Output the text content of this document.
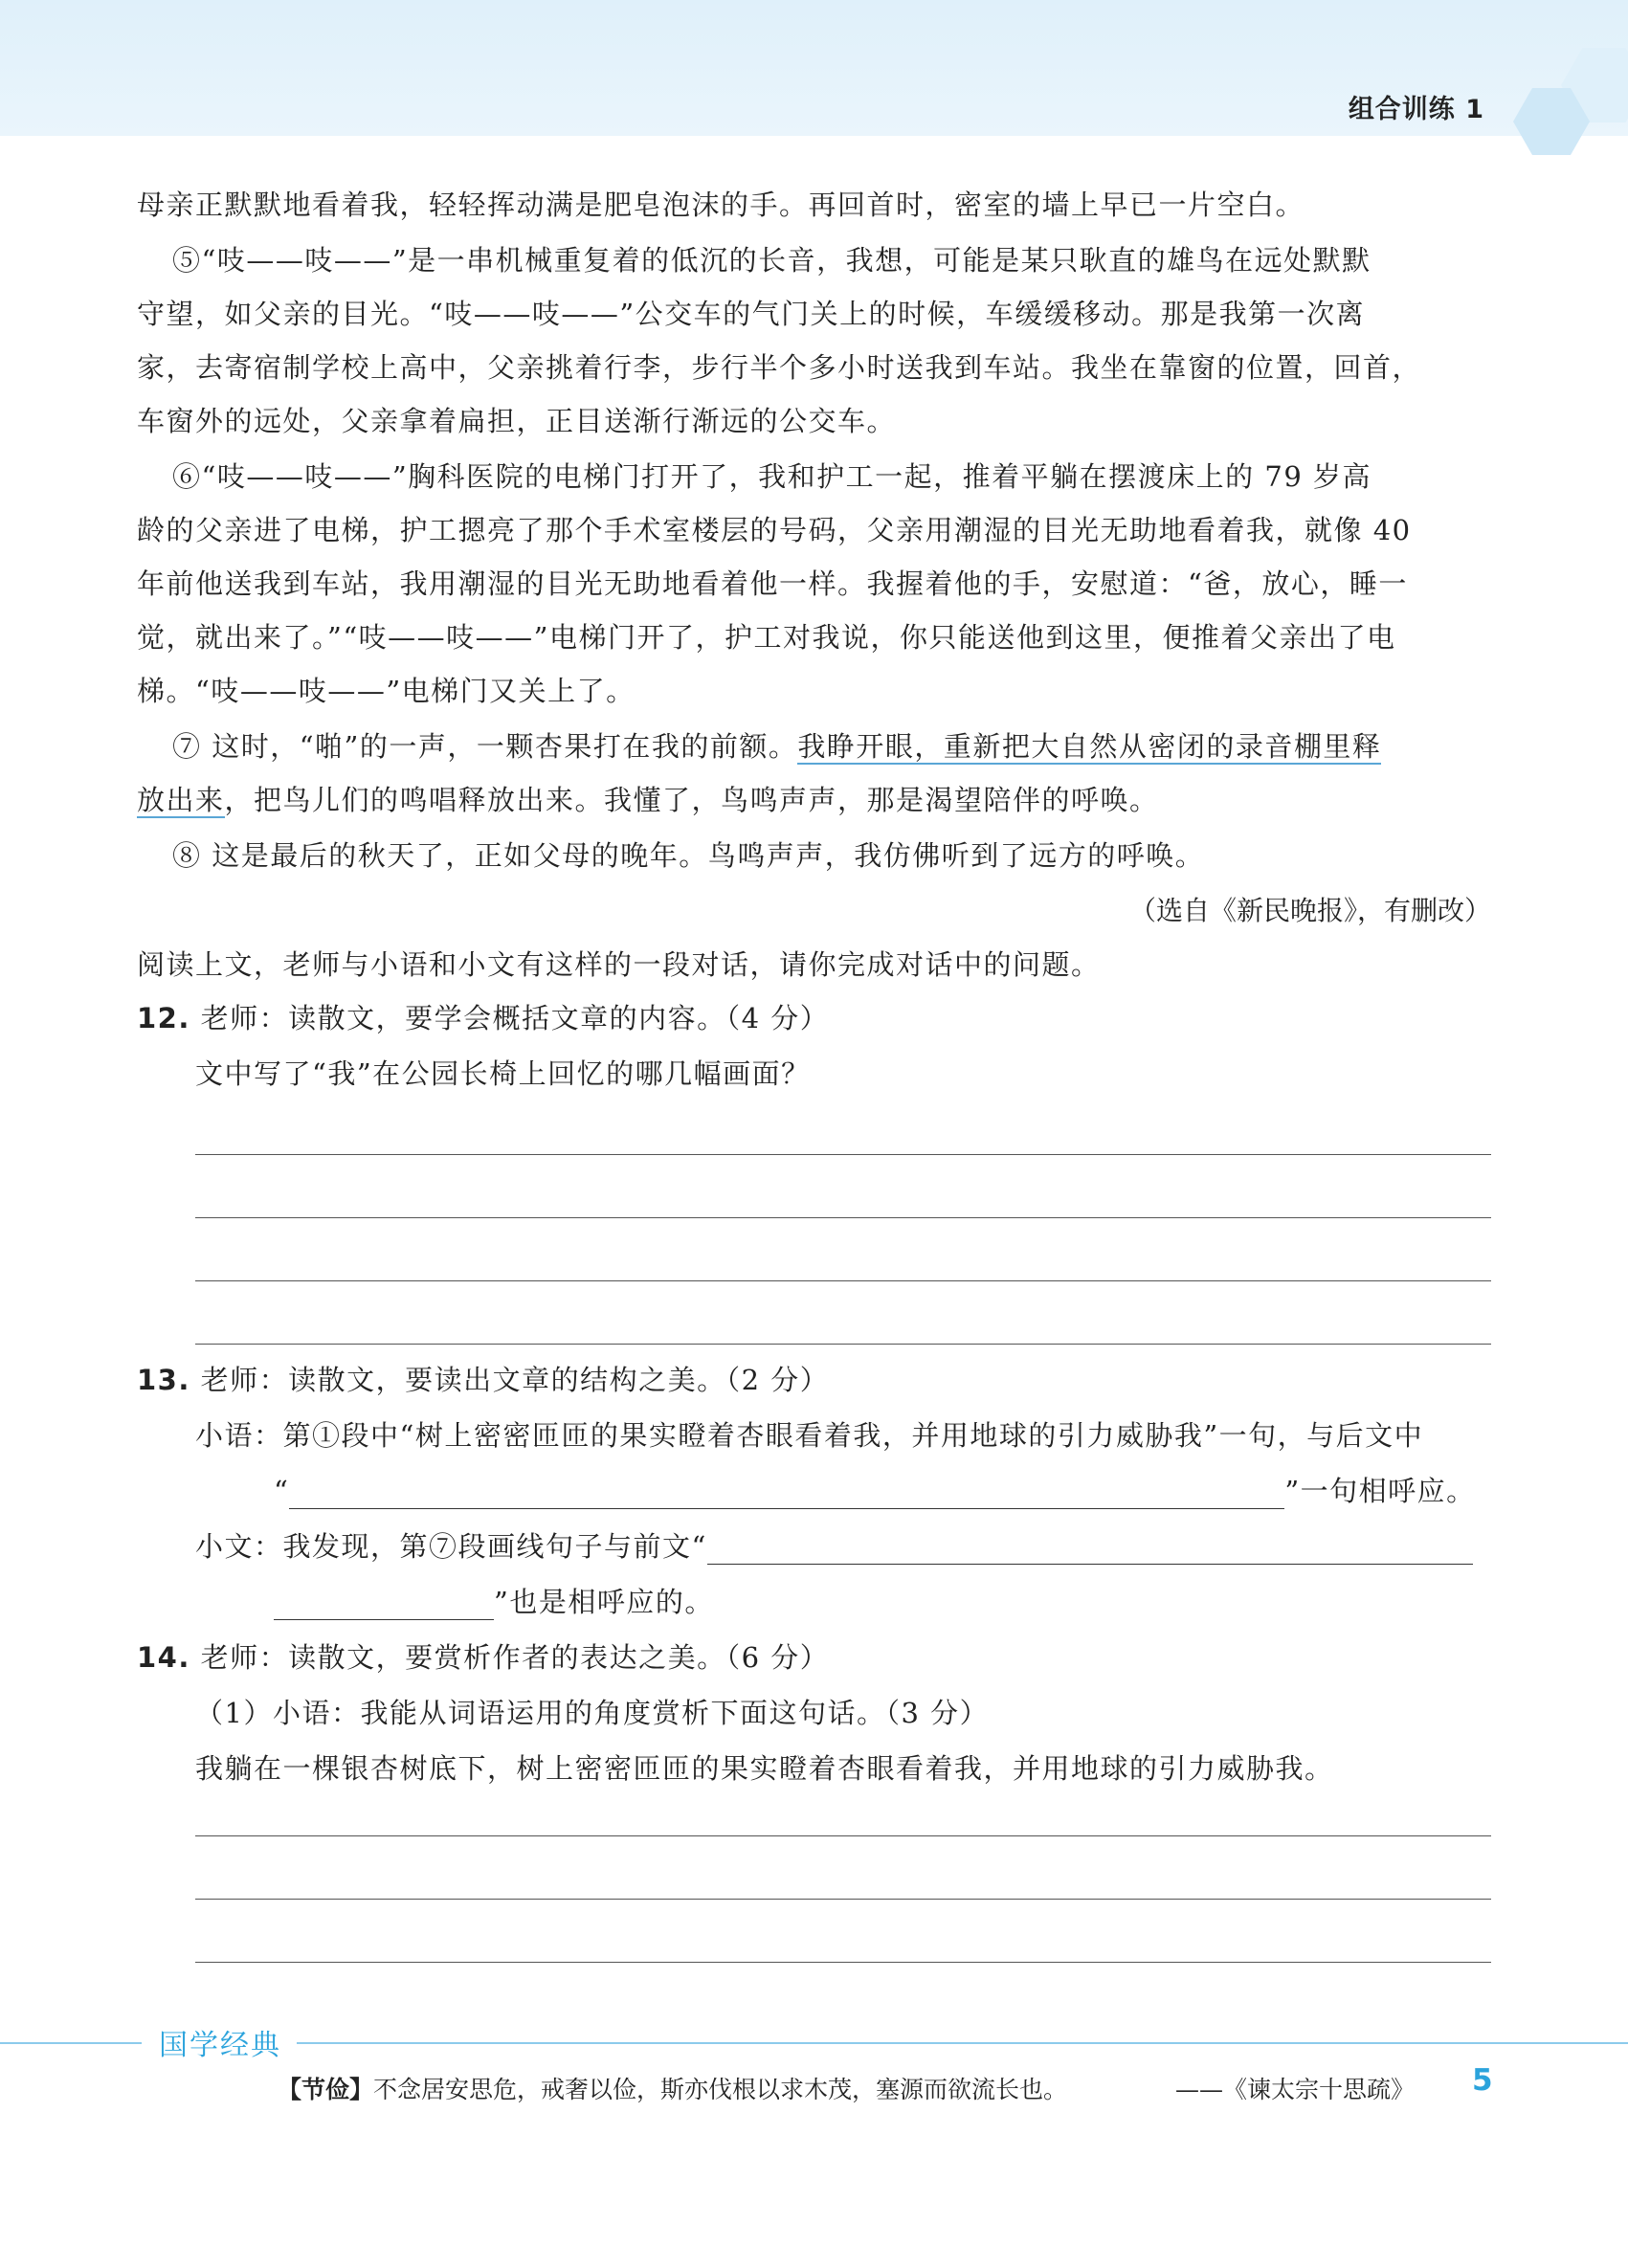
组合训练 1
母亲正默默地看着我，轻轻挥动满是肥皂泡沫的手。再回首时，密室的墙上早已一片空白。
⑤“吱——吱——”是一串机械重复着的低沉的长音，我想，可能是某只耿直的雄鸟在远处默默
守望，如父亲的目光。“吱——吱——”公交车的气门关上的时候，车缓缓移动。那是我第一次离
家，去寄宿制学校上高中，父亲挑着行李，步行半个多小时送我到车站。我坐在靠窗的位置，回首，
车窗外的远处，父亲拿着扁担，正目送渐行渐远的公交车。
⑥“吱——吱——”胸科医院的电梯门打开了，我和护工一起，推着平躺在摆渡床上的 79 岁高
龄的父亲进了电梯，护工摁亮了那个手术室楼层的号码，父亲用潮湿的目光无助地看着我，就像 40
年前他送我到车站，我用潮湿的目光无助地看着他一样。我握着他的手，安慰道：“爸，放心，睡一
觉，就出来了。”“吱——吱——”电梯门开了，护工对我说，你只能送他到这里，便推着父亲出了电
梯。“吱——吱——”电梯门又关上了。
⑦ 这时，“啪”的一声，一颗杏果打在我的前额。我睁开眼，重新把大自然从密闭的录音棚里释
放出来，把鸟儿们的鸣唱释放出来。我懂了，鸟鸣声声，那是渴望陪伴的呼唤。
⑧ 这是最后的秋天了，正如父母的晚年。鸟鸣声声，我仿佛听到了远方的呼唤。
（选自《新民晚报》，有删改）
阅读上文，老师与小语和小文有这样的一段对话，请你完成对话中的问题。
12. 老师：读散文，要学会概括文章的内容。（4 分）
文中写了“我”在公园长椅上回忆的哪几幅画面？
13. 老师：读散文，要读出文章的结构之美。（2 分）
小语：第①段中“树上密密匝匝的果实瞪着杏眼看着我，并用地球的引力威胁我”一句，与后文中
“	”一句相呼应。
小文：我发现，第⑦段画线句子与前文“
”也是相呼应的。
14. 老师：读散文，要赏析作者的表达之美。（6 分）
（1）小语：我能从词语运用的角度赏析下面这句话。（3 分）
我躺在一棵银杏树底下，树上密密匝匝的果实瞪着杏眼看着我，并用地球的引力威胁我。
国学经典
【节俭】不念居安思危，戒奢以俭，斯亦伐根以求木茂，塞源而欲流长也。	——《谏太宗十思疏》 5
